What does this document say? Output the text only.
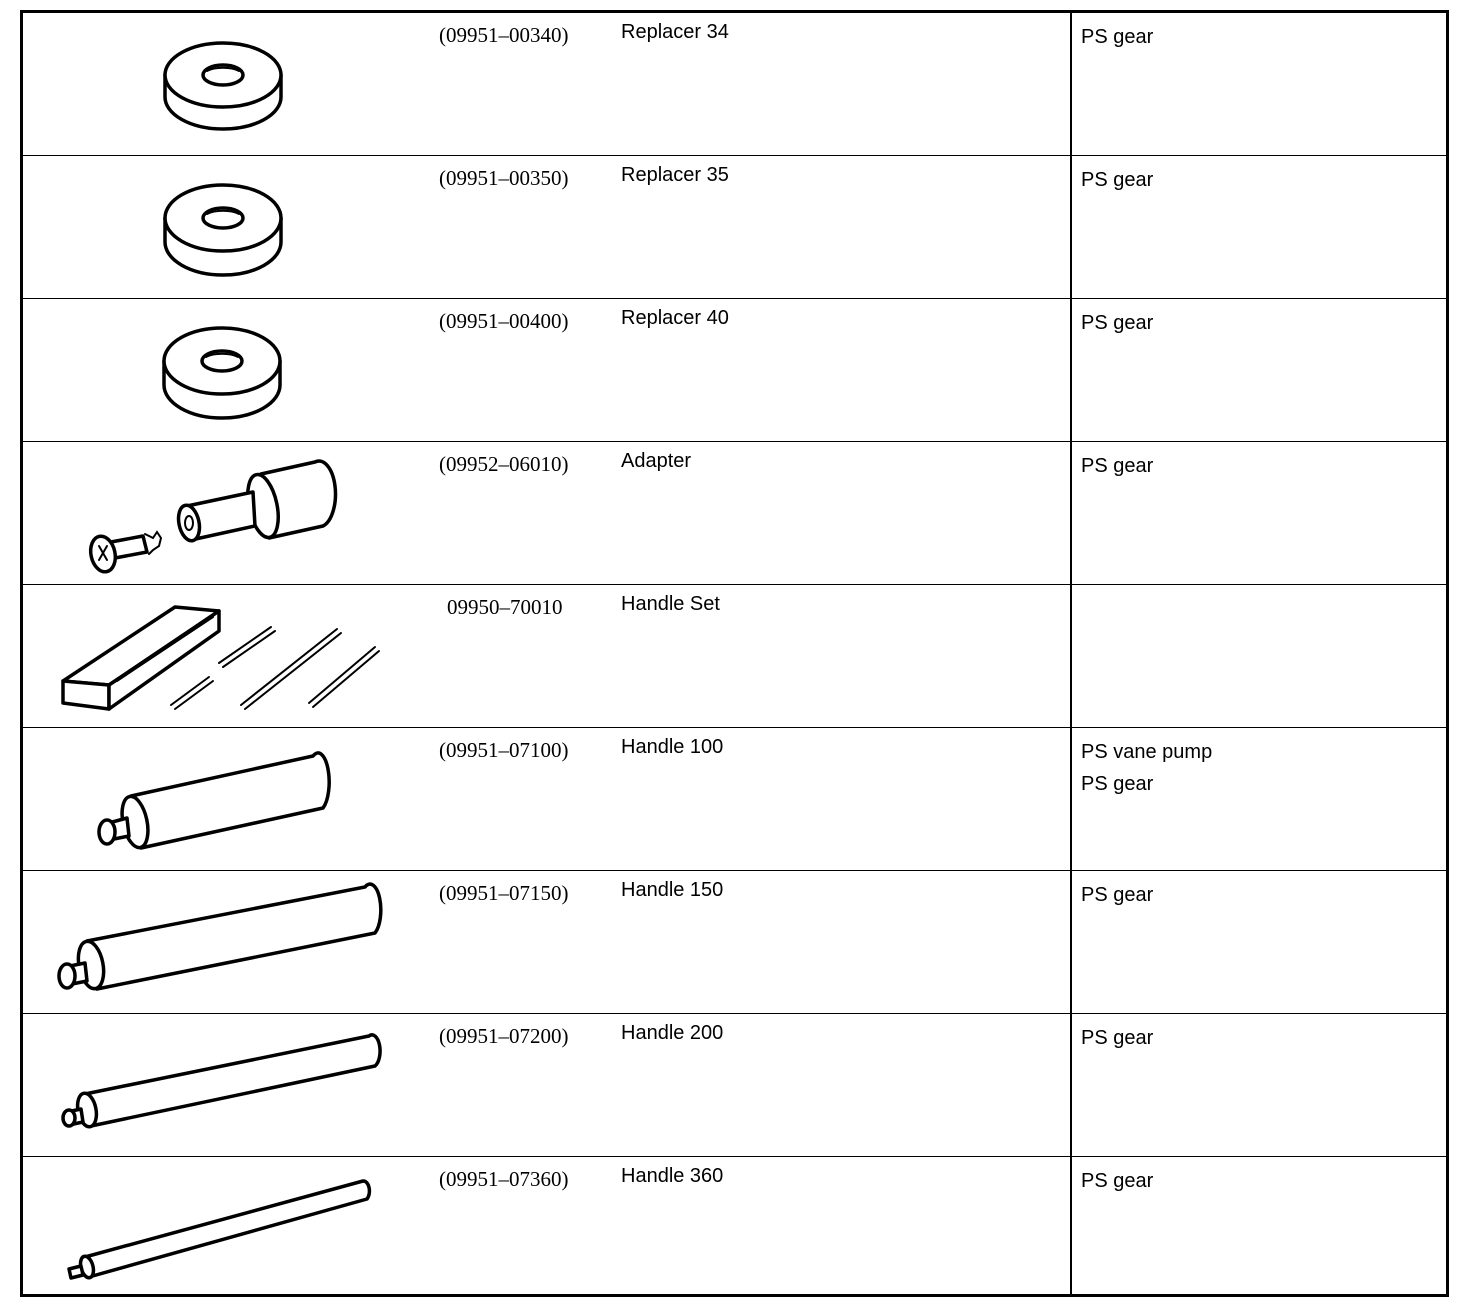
(09951–00340)	Replacer 34	PS gear
(09951–00350)	Replacer 35	PS gear
(09951–00400)	Replacer 40	PS gear
(09952–06010)	Adapter	PS gear
09950–70010	Handle Set
(09951–07100)	Handle 100	PS vane pump
PS gear
(09951–07150)	Handle 150	PS gear
(09951–07200)	Handle 200	PS gear
(09951–07360)	Handle 360	PS gear
